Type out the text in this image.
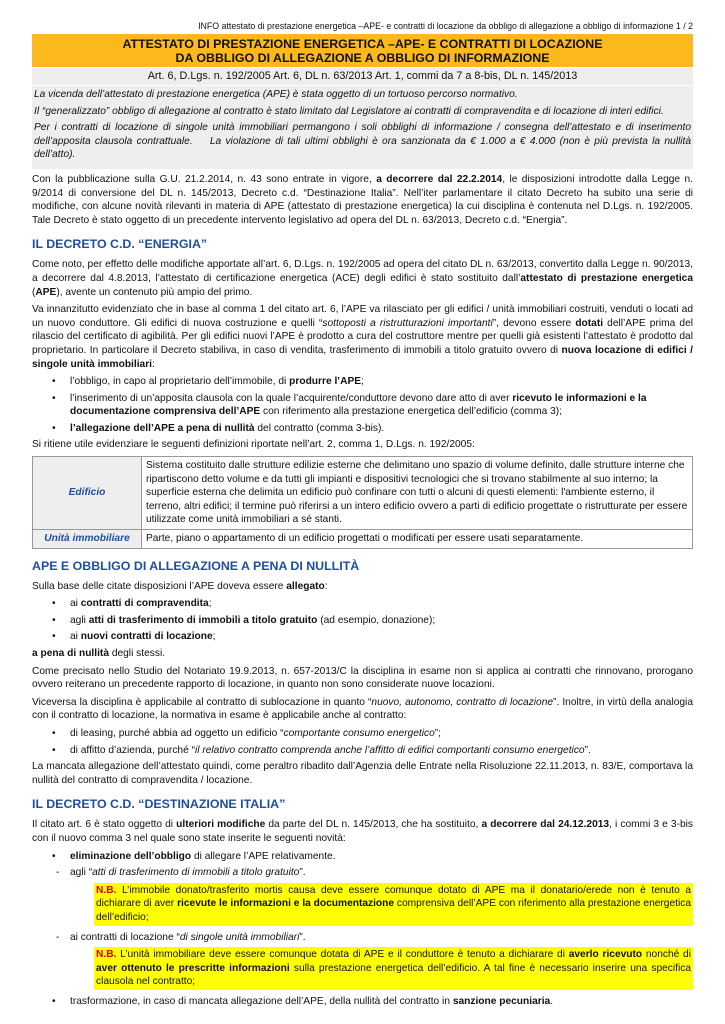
INFO attestato di prestazione energetica –APE- e contratti di locazione da obbligo di allegazione a obbligo di informazione 1 / 2
ATTESTATO DI PRESTAZIONE ENERGETICA –APE- E CONTRATTI DI LOCAZIONE
DA OBBLIGO DI ALLEGAZIONE A OBBLIGO DI INFORMAZIONE
Art. 6, D.Lgs. n. 192/2005 Art. 6, DL n. 63/2013 Art. 1, commi da 7 a 8-bis, DL n. 145/2013

La vicenda dell’attestato di prestazione energetica (APE) è stata oggetto di un tortuoso percorso normativo.

Il “generalizzato” obbligo di allegazione al contratto è stato limitato dal Legislatore ai contratti di compravendita e di locazione di interi edifici.

Per i contratti di locazione di singole unità immobiliari permangono i soli obblighi di informazione / consegna dell’attestato e di inserimento dell’apposita clausola contrattuale. La violazione di tali ultimi obblighi è ora sanzionata da € 1.000 a € 4.000 (non è più prevista la nullità dell’atto).

Con la pubblicazione sulla G.U. 21.2.2014, n. 43 sono entrate in vigore, a decorrere dal 22.2.2014, le disposizioni introdotte dalla Legge n. 9/2014 di conversione del DL n. 145/2013, Decreto c.d. “Destinazione Italia”. Nell’iter parlamentare il citato Decreto ha subito una serie di modifiche, con alcune novità rilevanti in materia di APE (attestato di prestazione energetica) la cui disciplina è contenuta nel D.Lgs. n. 192/2005. Tale Decreto è stato oggetto di un precedente intervento legislativo ad opera del DL n. 63/2013, Decreto c.d. “Energia”.

IL DECRETO C.D. “ENERGIA”

Come noto, per effetto delle modifiche apportate all’art. 6, D.Lgs. n. 192/2005 ad opera del citato DL n. 63/2013, convertito dalla Legge n. 90/2013, a decorrere dal 4.8.2013, l’attestato di certificazione energetica (ACE) degli edifici è stato sostituito dall’attestato di prestazione energetica (APE), avente un contenuto più ampio del primo.

Va innanzitutto evidenziato che in base al comma 1 del citato art. 6, l’APE va rilasciato per gli edifici / unità immobiliari costruiti, venduti o locati ad un nuovo conduttore. Gli edifici di nuova costruzione e quelli “sottoposti a ristrutturazioni importanti”, devono essere dotati dell’APE prima del rilascio del certificato di agibilità. Per gli edifici nuovi l’APE è prodotto a cura del costruttore mentre per quelli già esistenti l’attestato è prodotto dal proprietario. In particolare il Decreto stabiliva, in caso di vendita, trasferimento di immobili a titolo gratuito ovvero di nuova locazione di edifici / singole unità immobiliari:

• l’obbligo, in capo al proprietario dell’immobile, di produrre l’APE;
• l’inserimento di un’apposita clausola con la quale l’acquirente/conduttore devono dare atto di aver ricevuto le informazioni e la documentazione comprensiva dell’APE con riferimento alla prestazione energetica dell’edificio (comma 3);
• l’allegazione dell’APE a pena di nullità del contratto (comma 3-bis).

Si ritiene utile evidenziare le seguenti definizioni riportate nell’art. 2, comma 1, D.Lgs. n. 192/2005:

Edificio	Sistema costituito dalle strutture edilizie esterne che delimitano uno spazio di volume definito, dalle strutture interne che ripartiscono detto volume e da tutti gli impianti e dispositivi tecnologici che si trovano stabilmente al suo interno; la superficie esterna che delimita un edificio può confinare con tutti o alcuni di questi elementi: l'ambiente esterno, il terreno, altri edifici; il termine può riferirsi a un intero edificio ovvero a parti di edificio progettate o ristrutturate per essere utilizzate come unità immobiliari a sé stanti.
Unità immobiliare	Parte, piano o appartamento di un edificio progettati o modificati per essere usati separatamente.
APE E OBBLIGO DI ALLEGAZIONE A PENA DI NULLITÀ

Sulla base delle citate disposizioni l’APE doveva essere allegato:

• ai contratti di compravendita;
• agli atti di trasferimento di immobili a titolo gratuito (ad esempio, donazione);
• ai nuovi contratti di locazione;

a pena di nullità degli stessi.

Come precisato nello Studio del Notariato 19.9.2013, n. 657-2013/C la disciplina in esame non si applica ai contratti che rinnovano, prorogano ovvero reiterano un precedente rapporto di locazione, in quanto non sono considerate nuove locazioni.

Viceversa la disciplina è applicabile al contratto di sublocazione in quanto “nuovo, autonomo, contratto di locazione”. Inoltre, in virtù della analogia con il contratto di locazione, la normativa in esame è applicabile anche al contratto:

• di leasing, purché abbia ad oggetto un edificio “comportante consumo energetico”;
• di affitto d’azienda, purché “il relativo contratto comprenda anche l’affitto di edifici comportanti consumo energetico”.

La mancata allegazione dell’attestato quindi, come peraltro ribadito dall’Agenzia delle Entrate nella Risoluzione 22.11.2013, n. 83/E, comportava la nullità del contratto di compravendita / locazione.

IL DECRETO C.D. “DESTINAZIONE ITALIA”

Il citato art. 6 è stato oggetto di ulteriori modifiche da parte del DL n. 145/2013, che ha sostituito, a decorrere dal 24.12.2013, i commi 3 e 3-bis con il nuovo comma 3 nel quale sono state inserite le seguenti novità:

• eliminazione dell’obbligo di allegare l’APE relativamente.
- agli “atti di trasferimento di immobili a titolo gratuito”.
N.B. L’immobile donato/trasferito mortis causa deve essere comunque dotato di APE ma il donatario/erede non è tenuto a dichiarare di aver ricevute le informazioni e la documentazione comprensiva dell’APE con riferimento alla prestazione energetica dell’edificio;
- ai contratti di locazione “di singole unità immobiliari”.
N.B. L’unità immobiliare deve essere comunque dotata di APE e il conduttore è tenuto a dichiarare di averlo ricevuto nonché di aver ottenuto le prescritte informazioni sulla prestazione energetica dell’edificio. A tal fine è necessario inserire una specifica clausola nel contratto;
• trasformazione, in caso di mancata allegazione dell’APE, della nullità del contratto in sanzione pecuniaria.
